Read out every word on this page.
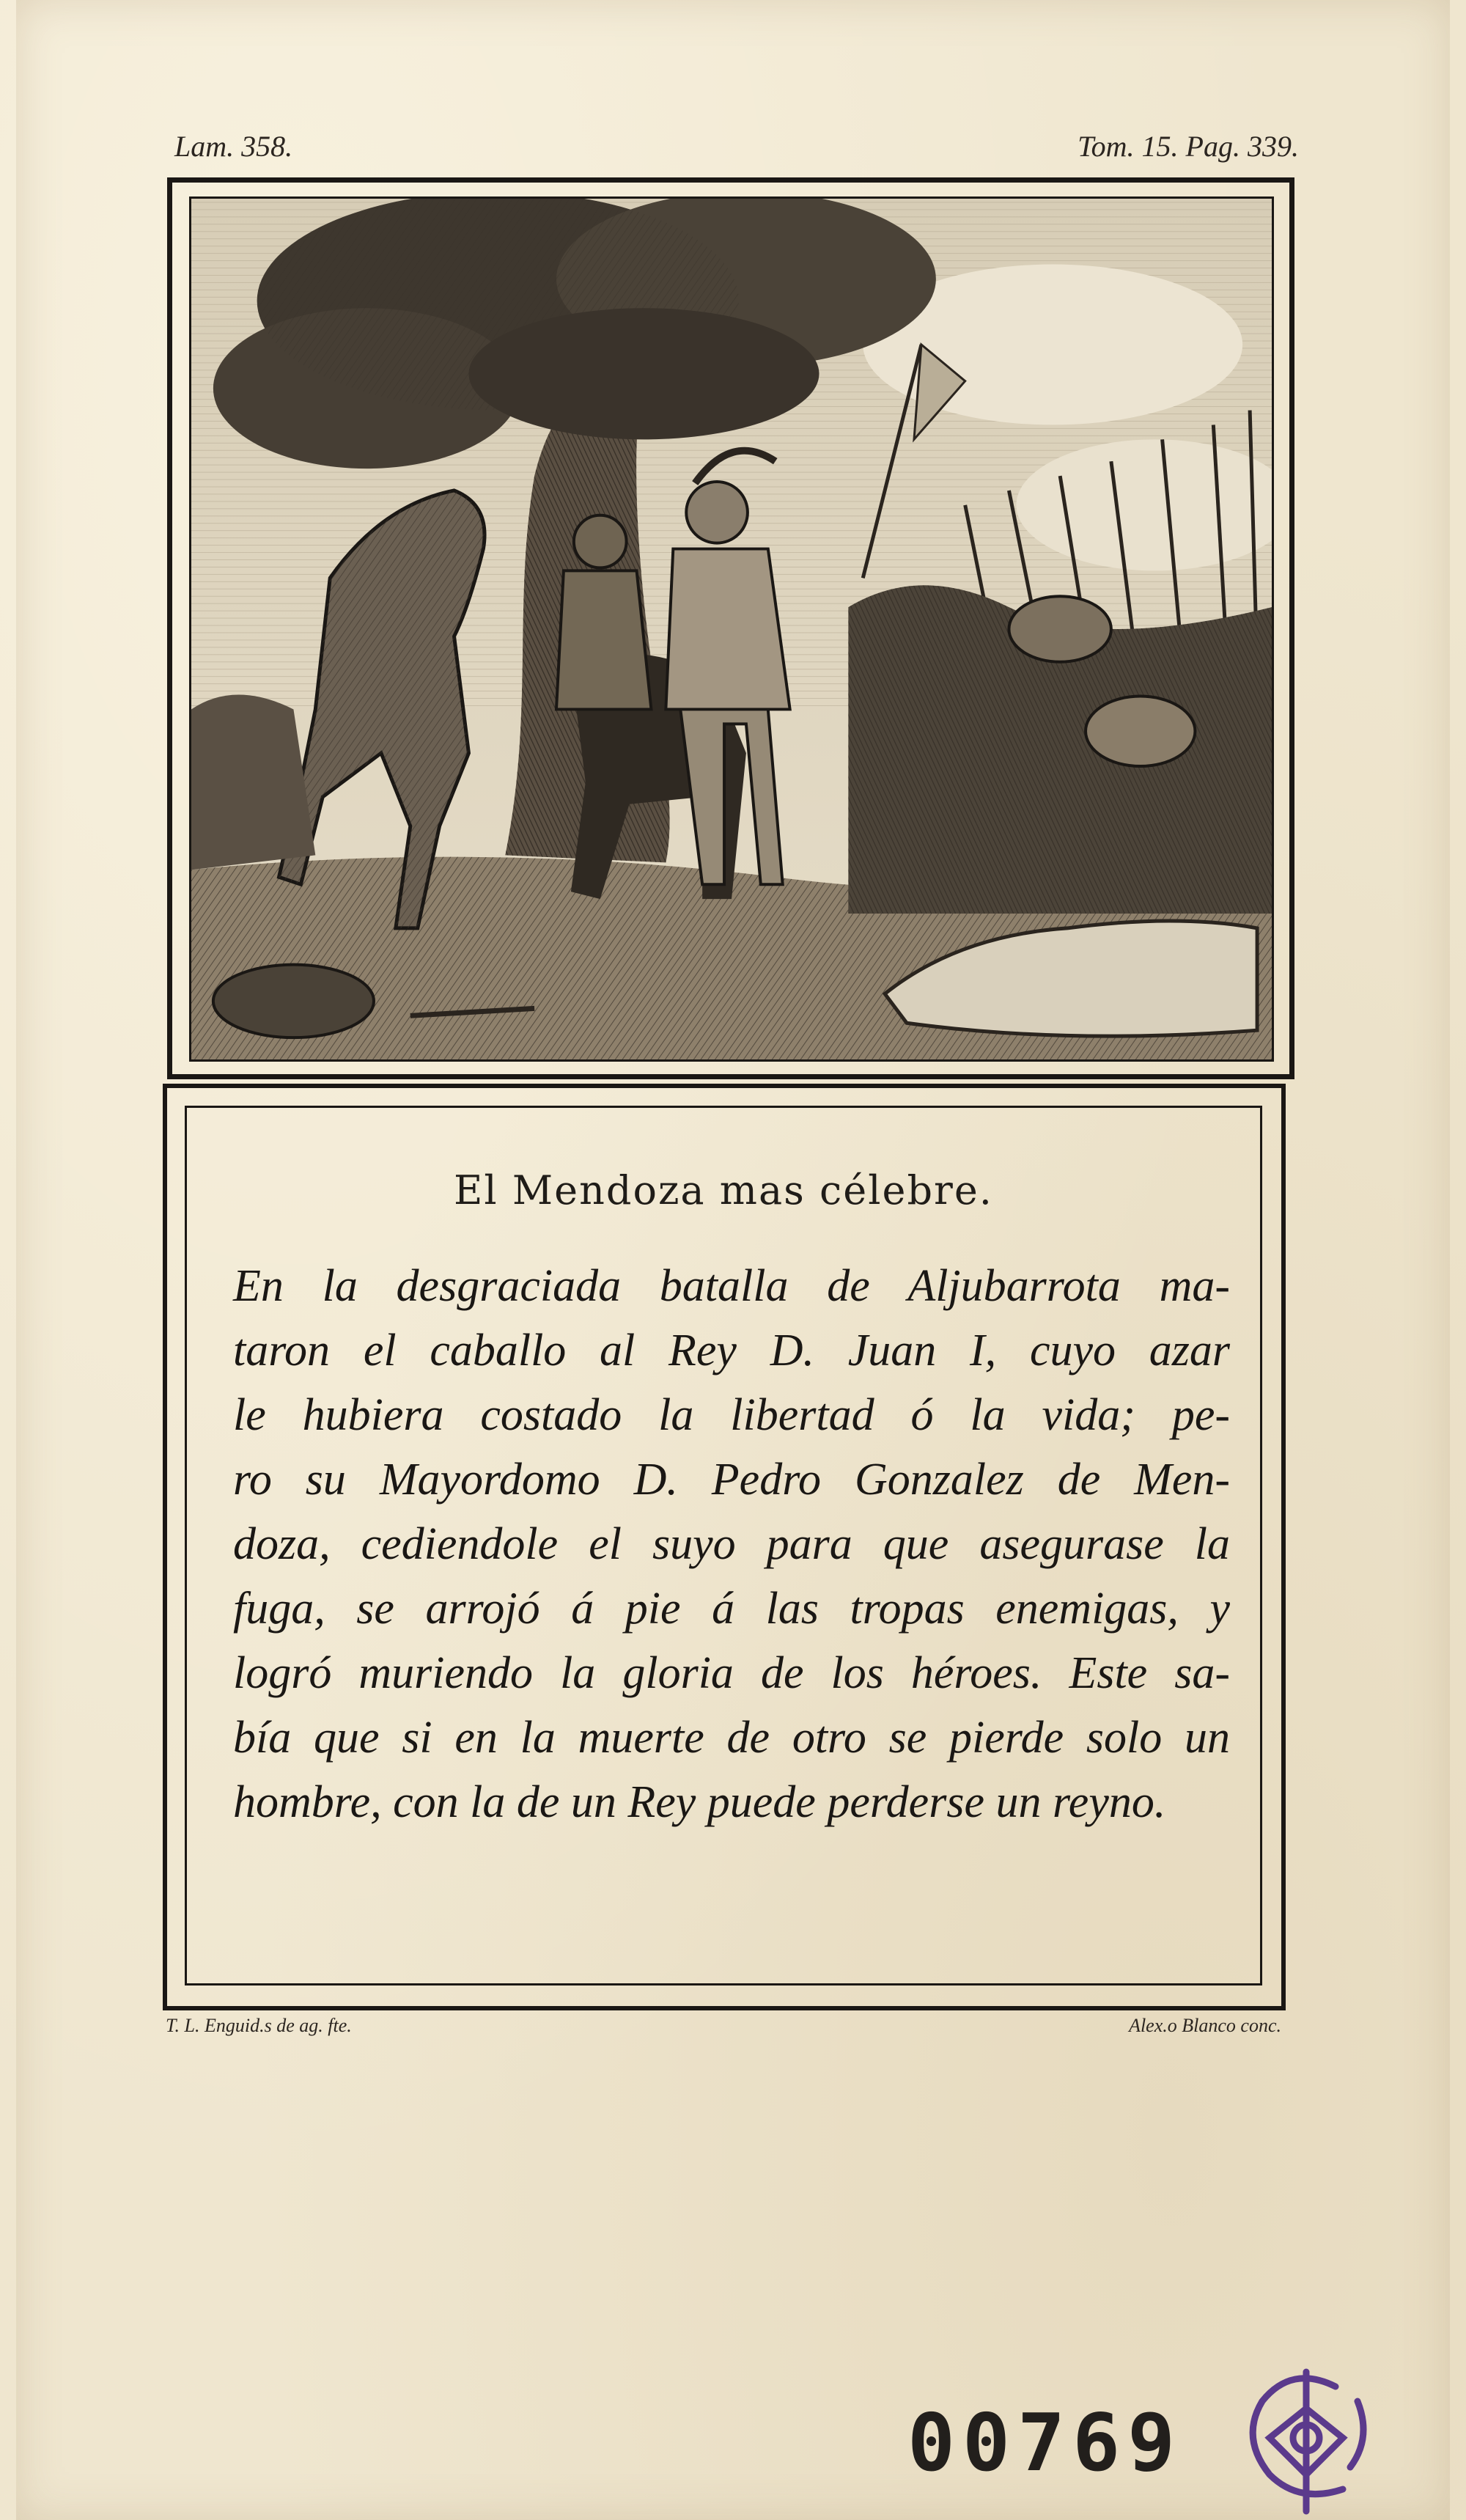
Lam. 358.	Tom. 15. Pag. 339.
El Mendoza mas célebre.
En la desgraciada batalla de Aljubarrota ma-
taron el caballo al Rey D. Juan I, cuyo azar
le hubiera costado la libertad ó la vida; pe-
ro su Mayordomo D. Pedro Gonzalez de Men-
doza, cediendole el suyo para que asegurase la
fuga, se arrojó á pie á las tropas enemigas, y
logró muriendo la gloria de los héroes. Este sa-
bía que si en la muerte de otro se pierde solo un
hombre, con la de un Rey puede perderse un reyno.
T. L. Enguid.s de ag. fte.	Alex.o Blanco conc.
00769
